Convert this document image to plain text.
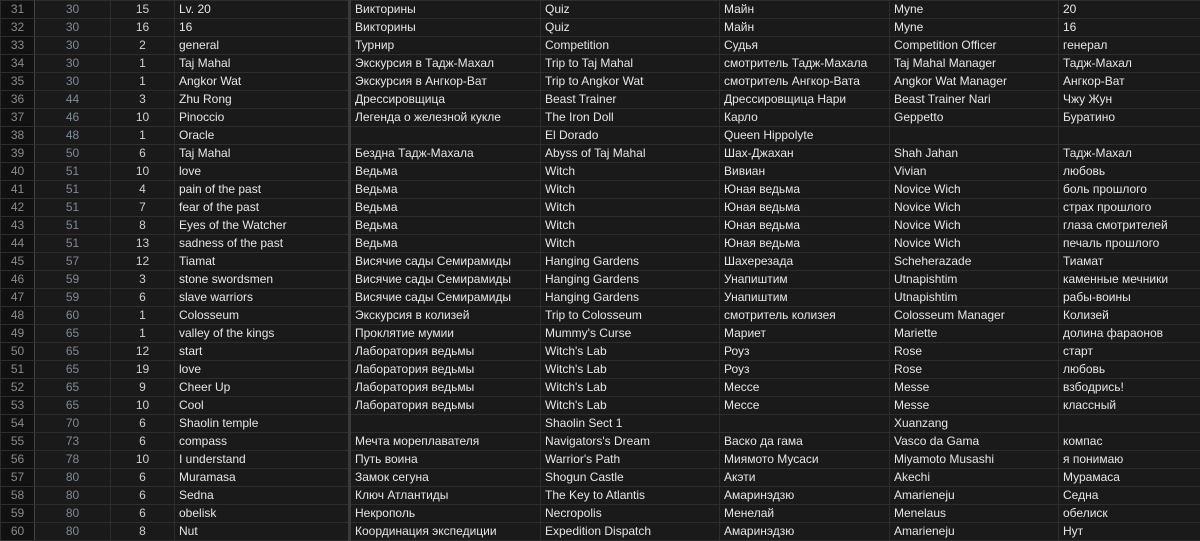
31	30	15	Lv. 20	Викторины	Quiz	Майн	Myne	20
32	30	16	16	Викторины	Quiz	Майн	Myne	16
33	30	2	general	Турнир	Competition	Судья	Competition Officer	генерал
34	30	1	Taj Mahal	Экскурсия в Тадж-Махал	Trip to Taj Mahal	смотритель Тадж-Махала	Taj Mahal Manager	Тадж-Махал
35	30	1	Angkor Wat	Экскурсия в Ангкор-Ват	Trip to Angkor Wat	смотритель Ангкор-Вата	Angkor Wat Manager	Ангкор-Ват
36	44	3	Zhu Rong	Дрессировщица	Beast Trainer	Дрессировщица Нари	Beast Trainer Nari	Чжу Жун
37	46	10	Pinoccio	Легенда о железной кукле	The Iron Doll	Карло	Geppetto	Буратино
38	48	1	Oracle		El Dorado	Queen Hippolyte		
39	50	6	Taj Mahal	Бездна Тадж-Махала	Abyss of Taj Mahal	Шах-Джахан	Shah Jahan	Тадж-Махал
40	51	10	love	Ведьма	Witch	Вивиан	Vivian	любовь
41	51	4	pain of the past	Ведьма	Witch	Юная ведьма	Novice Wich	боль прошлого
42	51	7	fear of the past	Ведьма	Witch	Юная ведьма	Novice Wich	страх прошлого
43	51	8	Eyes of the Watcher	Ведьма	Witch	Юная ведьма	Novice Wich	глаза смотрителей
44	51	13	sadness of the past	Ведьма	Witch	Юная ведьма	Novice Wich	печаль прошлого
45	57	12	Tiamat	Висячие сады Семирамиды	Hanging Gardens	Шахерезада	Scheherazade	Тиамат
46	59	3	stone swordsmen	Висячие сады Семирамиды	Hanging Gardens	Унапиштим	Utnapishtim	каменные мечники
47	59	6	slave warriors	Висячие сады Семирамиды	Hanging Gardens	Унапиштим	Utnapishtim	рабы-воины
48	60	1	Colosseum	Экскурсия в колизей	Trip to Colosseum	смотритель колизея	Colosseum Manager	Колизей
49	65	1	valley of the kings	Проклятие мумии	Mummy's Curse	Мариет	Mariette	долина фараонов
50	65	12	start	Лаборатория ведьмы	Witch's Lab	Роуз	Rose	старт
51	65	19	love	Лаборатория ведьмы	Witch's Lab	Роуз	Rose	любовь
52	65	9	Cheer Up	Лаборатория ведьмы	Witch's Lab	Мессе	Messe	взбодрись!
53	65	10	Cool	Лаборатория ведьмы	Witch's Lab	Мессе	Messe	классный
54	70	6	Shaolin temple		Shaolin Sect 1		Xuanzang	
55	73	6	compass	Мечта мореплавателя	Navigators's Dream	Васко да гама	Vasco da Gama	компас
56	78	10	I understand	Путь воина	Warrior's Path	Миямото Мусаси	Miyamoto Musashi	я понимаю
57	80	6	Muramasa	Замок сегуна	Shogun Castle	Акэти	Akechi	Мурамаса
58	80	6	Sedna	Ключ Атлантиды	The Key to Atlantis	Амаринэдзю	Amarieneju	Седна
59	80	6	obelisk	Некрополь	Necropolis	Менелай	Menelaus	обелиск
60	80	8	Nut	Координация экспедиции	Expedition Dispatch	Амаринэдзю	Amarieneju	Нут
